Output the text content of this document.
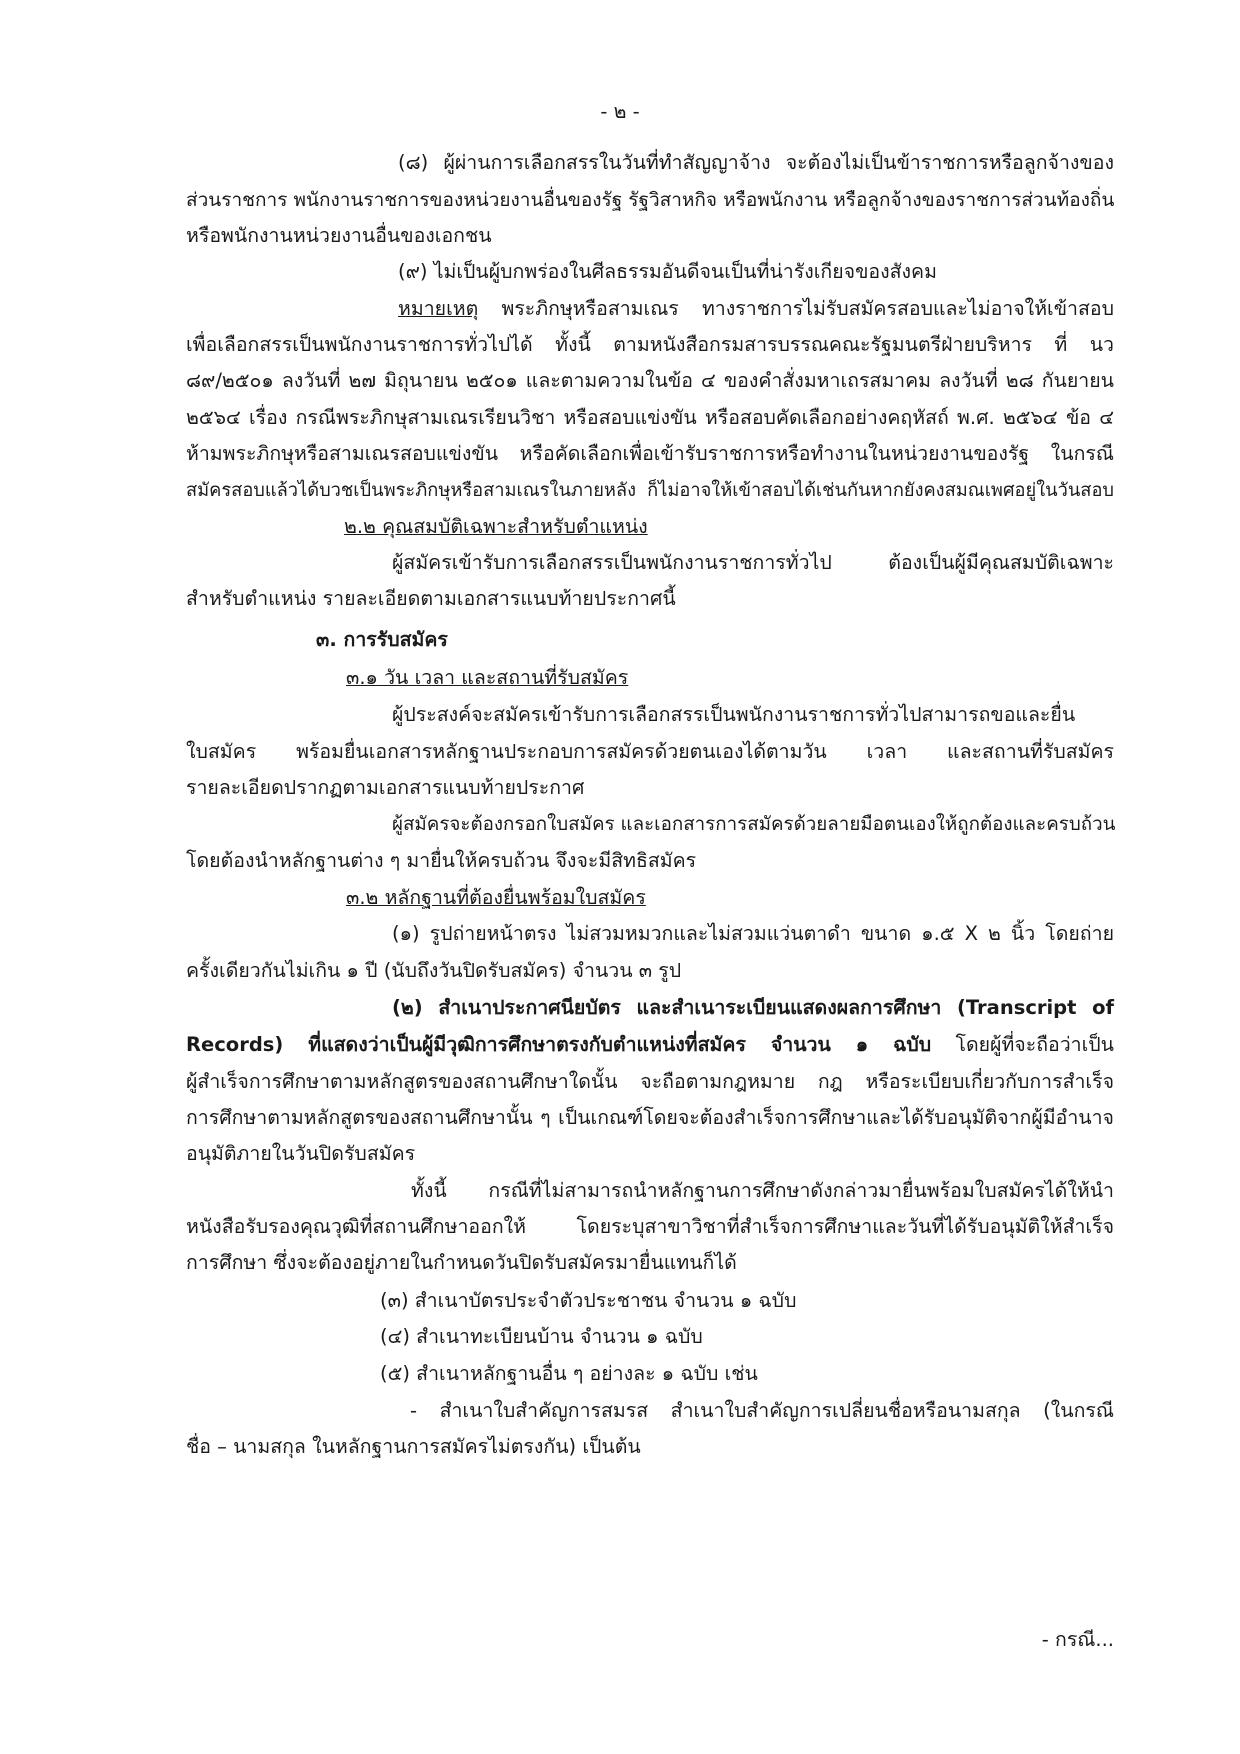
- ๒ -
(๘) ผู้ผ่านการเลือกสรรในวันที่ทำสัญญาจ้าง จะต้องไม่เป็นข้าราชการหรือลูกจ้างของ
ส่วนราชการ พนักงานราชการของหน่วยงานอื่นของรัฐ รัฐวิสาหกิจ หรือพนักงาน หรือลูกจ้างของราชการส่วนท้องถิ่น
หรือพนักงานหน่วยงานอื่นของเอกชน
(๙) ไม่เป็นผู้บกพร่องในศีลธรรมอันดีจนเป็นที่น่ารังเกียจของสังคม
หมายเหตุ พระภิกษุหรือสามเณร ทางราชการไม่รับสมัครสอบและไม่อาจให้เข้าสอบ
เพื่อเลือกสรรเป็นพนักงานราชการทั่วไปได้ ทั้งนี้ ตามหนังสือกรมสารบรรณคณะรัฐมนตรีฝ่ายบริหาร ที่ นว
๘๙/๒๕๐๑ ลงวันที่ ๒๗ มิถุนายน ๒๕๐๑ และตามความในข้อ ๔ ของคำสั่งมหาเถรสมาคม ลงวันที่ ๒๘ กันยายน
๒๕๖๔ เรื่อง กรณีพระภิกษุสามเณรเรียนวิชา หรือสอบแข่งขัน หรือสอบคัดเลือกอย่างคฤหัสถ์ พ.ศ. ๒๕๖๔ ข้อ ๔
ห้ามพระภิกษุหรือสามเณรสอบแข่งขัน หรือคัดเลือกเพื่อเข้ารับราชการหรือทำงานในหน่วยงานของรัฐ ในกรณี
สมัครสอบแล้วได้บวชเป็นพระภิกษุหรือสามเณรในภายหลัง ก็ไม่อาจให้เข้าสอบได้เช่นกันหากยังคงสมณเพศอยู่ในวันสอบ
๒.๒ คุณสมบัติเฉพาะสำหรับตำแหน่ง
ผู้สมัครเข้ารับการเลือกสรรเป็นพนักงานราชการทั่วไป ต้องเป็นผู้มีคุณสมบัติเฉพาะ
สำหรับตำแหน่ง รายละเอียดตามเอกสารแนบท้ายประกาศนี้
๓. การรับสมัคร
๓.๑ วัน เวลา และสถานที่รับสมัคร
ผู้ประสงค์จะสมัครเข้ารับการเลือกสรรเป็นพนักงานราชการทั่วไปสามารถขอและยื่น
ใบสมัคร พร้อมยื่นเอกสารหลักฐานประกอบการสมัครด้วยตนเองได้ตามวัน เวลา และสถานที่รับสมัคร
รายละเอียดปรากฏตามเอกสารแนบท้ายประกาศ
ผู้สมัครจะต้องกรอกใบสมัคร และเอกสารการสมัครด้วยลายมือตนเองให้ถูกต้องและครบถ้วน
โดยต้องนำหลักฐานต่าง ๆ มายื่นให้ครบถ้วน จึงจะมีสิทธิสมัคร
๓.๒ หลักฐานที่ต้องยื่นพร้อมใบสมัคร
(๑) รูปถ่ายหน้าตรง ไม่สวมหมวกและไม่สวมแว่นตาดำ ขนาด ๑.๕ X ๒ นิ้ว โดยถ่าย
ครั้งเดียวกันไม่เกิน ๑ ปี (นับถึงวันปิดรับสมัคร) จำนวน ๓ รูป
(๒) สำเนาประกาศนียบัตร และสำเนาระเบียนแสดงผลการศึกษา (Transcript of
Records) ที่แสดงว่าเป็นผู้มีวุฒิการศึกษาตรงกับตำแหน่งที่สมัคร จำนวน ๑ ฉบับ โดยผู้ที่จะถือว่าเป็น
ผู้สำเร็จการศึกษาตามหลักสูตรของสถานศึกษาใดนั้น จะถือตามกฎหมาย กฎ หรือระเบียบเกี่ยวกับการสำเร็จ
การศึกษาตามหลักสูตรของสถานศึกษานั้น ๆ เป็นเกณฑ์โดยจะต้องสำเร็จการศึกษาและได้รับอนุมัติจากผู้มีอำนาจ
อนุมัติภายในวันปิดรับสมัคร
ทั้งนี้ กรณีที่ไม่สามารถนำหลักฐานการศึกษาดังกล่าวมายื่นพร้อมใบสมัครได้ให้นำ
หนังสือรับรองคุณวุฒิที่สถานศึกษาออกให้ โดยระบุสาขาวิชาที่สำเร็จการศึกษาและวันที่ได้รับอนุมัติให้สำเร็จ
การศึกษา ซึ่งจะต้องอยู่ภายในกำหนดวันปิดรับสมัครมายื่นแทนก็ได้
(๓) สำเนาบัตรประจำตัวประชาชน จำนวน ๑ ฉบับ
(๔) สำเนาทะเบียนบ้าน จำนวน ๑ ฉบับ
(๕) สำเนาหลักฐานอื่น ๆ อย่างละ ๑ ฉบับ เช่น
- สำเนาใบสำคัญการสมรส สำเนาใบสำคัญการเปลี่ยนชื่อหรือนามสกุล (ในกรณี
ชื่อ – นามสกุล ในหลักฐานการสมัครไม่ตรงกัน) เป็นต้น
- กรณี...
